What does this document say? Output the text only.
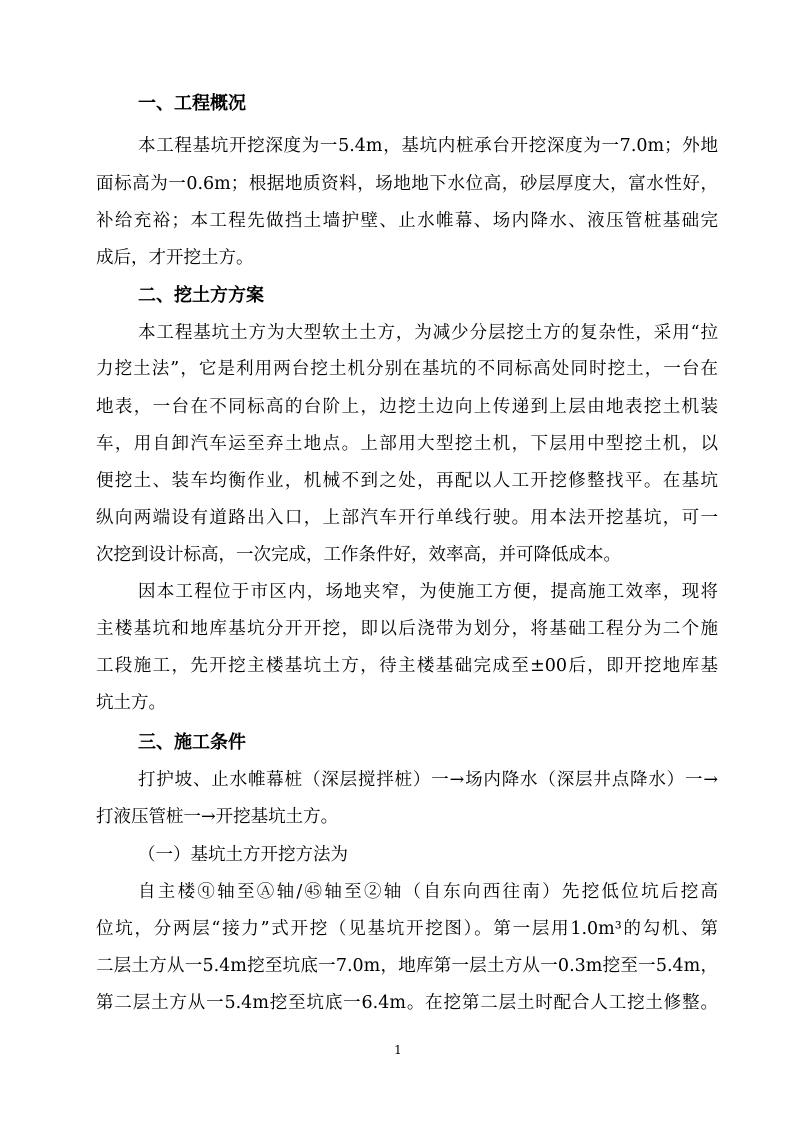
一、工程概况
本工程基坑开挖深度为一5.4m，基坑内桩承台开挖深度为一7.0m；外地
面标高为一0.6m；根据地质资料，场地地下水位高，砂层厚度大，富水性好，
补给充裕；本工程先做挡土墙护壁、止水帷幕、场内降水、液压管桩基础完
成后，才开挖土方。
二、挖土方方案
本工程基坑土方为大型软土土方，为减少分层挖土方的复杂性，采用“拉
力挖土法”，它是利用两台挖土机分别在基坑的不同标高处同时挖土，一台在
地表，一台在不同标高的台阶上，边挖土边向上传递到上层由地表挖土机装
车，用自卸汽车运至弃土地点。上部用大型挖土机，下层用中型挖土机，以
便挖土、装车均衡作业，机械不到之处，再配以人工开挖修整找平。在基坑
纵向两端设有道路出入口，上部汽车开行单线行驶。用本法开挖基坑，可一
次挖到设计标高，一次完成，工作条件好，效率高，并可降低成本。
因本工程位于市区内，场地夹窄，为使施工方便，提高施工效率，现将
主楼基坑和地库基坑分开开挖，即以后浇带为划分，将基础工程分为二个施
工段施工，先开挖主楼基坑土方，待主楼基础完成至±00后，即开挖地库基
坑土方。
三、施工条件
打护坡、止水帷幕桩（深层搅拌桩）一→场内降水（深层井点降水）一→
打液压管桩一→开挖基坑土方。
（一）基坑土方开挖方法为
自主楼ⓠ轴至Ⓐ轴/㊺轴至②轴（自东向西往南）先挖低位坑后挖高
位坑，分两层“接力”式开挖（见基坑开挖图）。第一层用1.0m³的勾机、第
二层土方从一5.4m挖至坑底一7.0m，地库第一层土方从一0.3m挖至一5.4m，
第二层土方从一5.4m挖至坑底一6.4m。在挖第二层土时配合人工挖土修整。
1
